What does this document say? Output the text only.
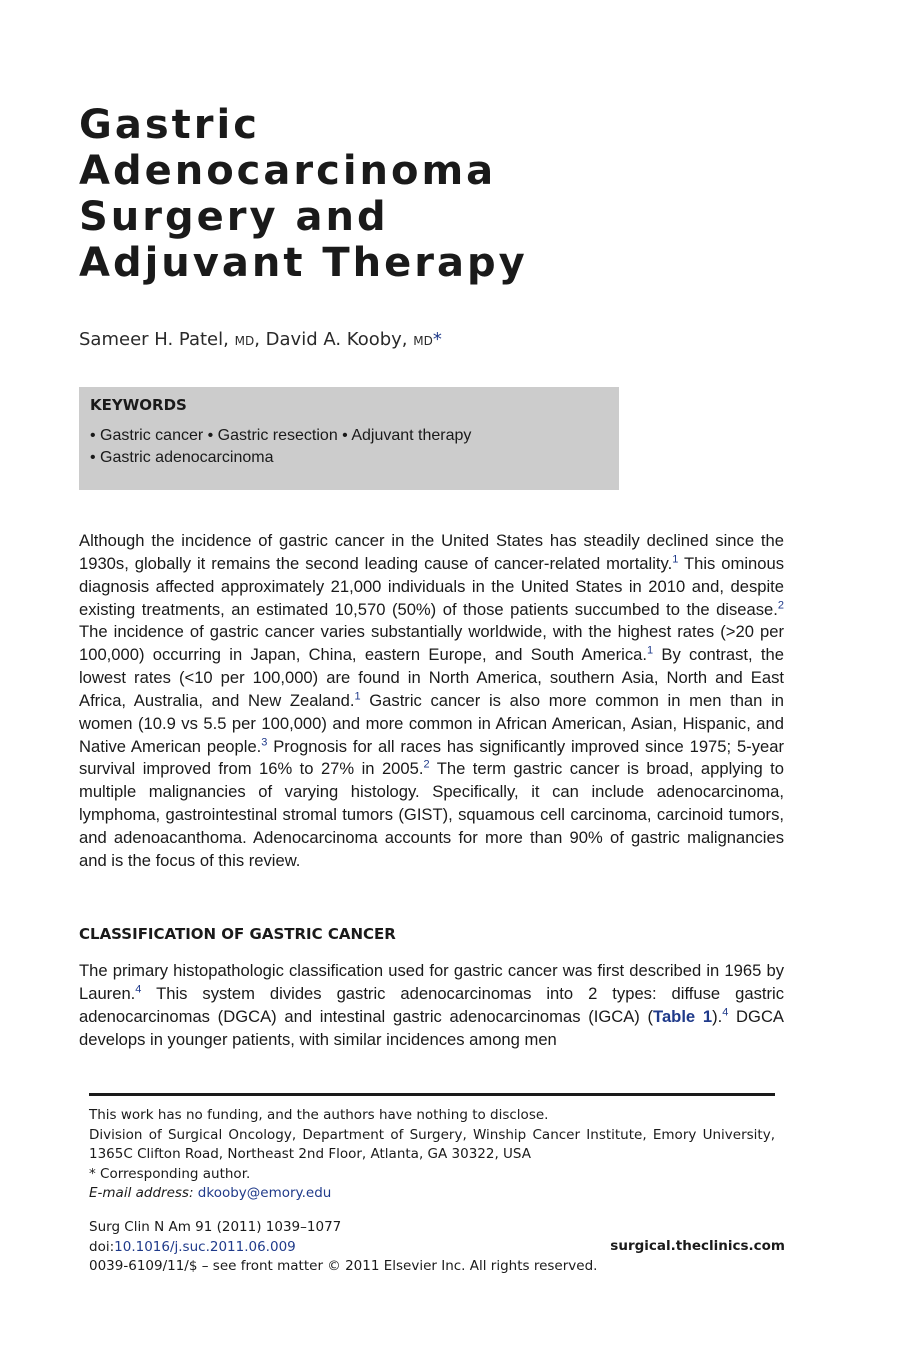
Gastric
Adenocarcinoma
Surgery and
Adjuvant Therapy
Sameer H. Patel, MD, David A. Kooby, MD*
KEYWORDS
• Gastric cancer • Gastric resection • Adjuvant therapy
• Gastric adenocarcinoma
Although the incidence of gastric cancer in the United States has steadily declined since the 1930s, globally it remains the second leading cause of cancer-related mortality.$^1$ This ominous diagnosis affected approximately 21,000 individuals in the United States in 2010 and, despite existing treatments, an estimated 10,570 (50%) of those patients succumbed to the disease.$^2$ The incidence of gastric cancer varies substantially worldwide, with the highest rates (>20 per 100,000) occurring in Japan, China, eastern Europe, and South America.$^1$ By contrast, the lowest rates (<10 per 100,000) are found in North America, southern Asia, North and East Africa, Australia, and New Zealand.$^1$ Gastric cancer is also more common in men than in women (10.9 vs 5.5 per 100,000) and more common in African American, Asian, Hispanic, and Native American people.$^3$ Prognosis for all races has significantly improved since 1975; 5-year survival improved from 16% to 27% in 2005.$^2$ The term gastric cancer is broad, applying to multiple malignancies of varying histology. Specifically, it can include adenocarcinoma, lymphoma, gastrointestinal stromal tumors (GIST), squamous cell carcinoma, carcinoid tumors, and adenoacanthoma. Adenocarcinoma accounts for more than 90% of gastric malignancies and is the focus of this review.
CLASSIFICATION OF GASTRIC CANCER
The primary histopathologic classification used for gastric cancer was first described in 1965 by Lauren.$^4$ This system divides gastric adenocarcinomas into 2 types: diffuse gastric adenocarcinomas (DGCA) and intestinal gastric adenocarcinomas (IGCA) (Table 1).$^4$ DGCA develops in younger patients, with similar incidences among men
This work has no funding, and the authors have nothing to disclose.
Division of Surgical Oncology, Department of Surgery, Winship Cancer Institute, Emory University, 1365C Clifton Road, Northeast 2nd Floor, Atlanta, GA 30322, USA
* Corresponding author.
E-mail address: dkooby@emory.edu
Surg Clin N Am 91 (2011) 1039–1077
doi:10.1016/j.suc.2011.06.009
0039-6109/11/$ – see front matter © 2011 Elsevier Inc. All rights reserved.
surgical.theclinics.com
